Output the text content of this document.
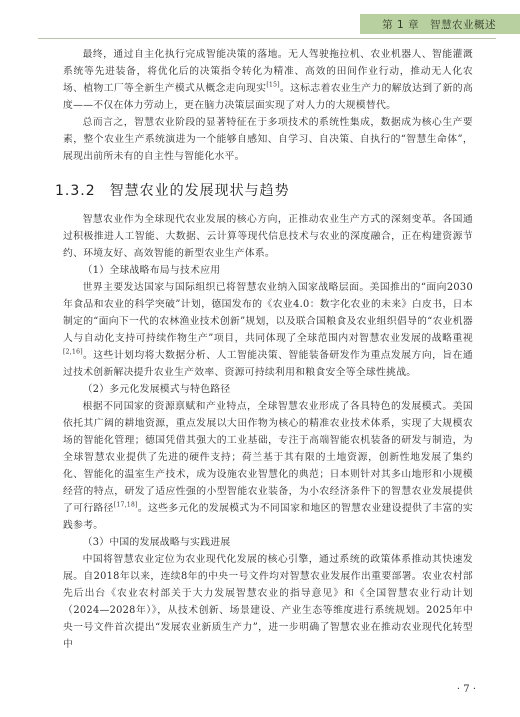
第 1 章　智慧农业概述

最终，通过自主化执行完成智能决策的落地。无人驾驶拖拉机、农业机器人、智能灌溉系统等先进装备，将优化后的决策指令转化为精准、高效的田间作业行动，推动无人化农场、植物工厂等全新生产模式从概念走向现实[15]。这标志着农业生产力的解放达到了新的高度——不仅在体力劳动上，更在脑力决策层面实现了对人力的大规模替代。

总而言之，智慧农业阶段的显著特征在于多项技术的系统性集成，数据成为核心生产要素，整个农业生产系统演进为一个能够自感知、自学习、自决策、自执行的“智慧生命体”，展现出前所未有的自主性与智能化水平。

1.3.2 智慧农业的发展现状与趋势

智慧农业作为全球现代农业发展的核心方向，正推动农业生产方式的深刻变革。各国通过积极推进人工智能、大数据、云计算等现代信息技术与农业的深度融合，正在构建资源节约、环境友好、高效智能的新型农业生产体系。

（1）全球战略布局与技术应用

世界主要发达国家与国际组织已将智慧农业纳入国家战略层面。美国推出的“面向2030年食品和农业的科学突破”计划，德国发布的《农业4.0：数字化农业的未来》白皮书，日本制定的“面向下一代的农林渔业技术创新”规划，以及联合国粮食及农业组织倡导的“农业机器人与自动化支持可持续作物生产”项目，共同体现了全球范围内对智慧农业发展的战略重视[2,16]。这些计划均将大数据分析、人工智能决策、智能装备研发作为重点发展方向，旨在通过技术创新解决提升农业生产效率、资源可持续利用和粮食安全等全球性挑战。

（2）多元化发展模式与特色路径

根据不同国家的资源禀赋和产业特点，全球智慧农业形成了各具特色的发展模式。美国依托其广阔的耕地资源，重点发展以大田作物为核心的精准农业技术体系，实现了大规模农场的智能化管理；德国凭借其强大的工业基础，专注于高端智能农机装备的研发与制造，为全球智慧农业提供了先进的硬件支持；荷兰基于其有限的土地资源，创新性地发展了集约化、智能化的温室生产技术，成为设施农业智慧化的典范；日本则针对其多山地形和小规模经营的特点，研发了适应性强的小型智能农业装备，为小农经济条件下的智慧农业发展提供了可行路径[17,18]。这些多元化的发展模式为不同国家和地区的智慧农业建设提供了丰富的实践参考。

（3）中国的发展战略与实践进展

中国将智慧农业定位为农业现代化发展的核心引擎，通过系统的政策体系推动其快速发展。自2018年以来，连续8年的中央一号文件均对智慧农业发展作出重要部署。农业农村部先后出台《农业农村部关于大力发展智慧农业的指导意见》和《全国智慧农业行动计划（2024—2028年）》，从技术创新、场景建设、产业生态等维度进行系统规划。2025年中央一号文件首次提出“发展农业新质生产力”，进一步明确了智慧农业在推动农业现代化转型中

· 7 ·
